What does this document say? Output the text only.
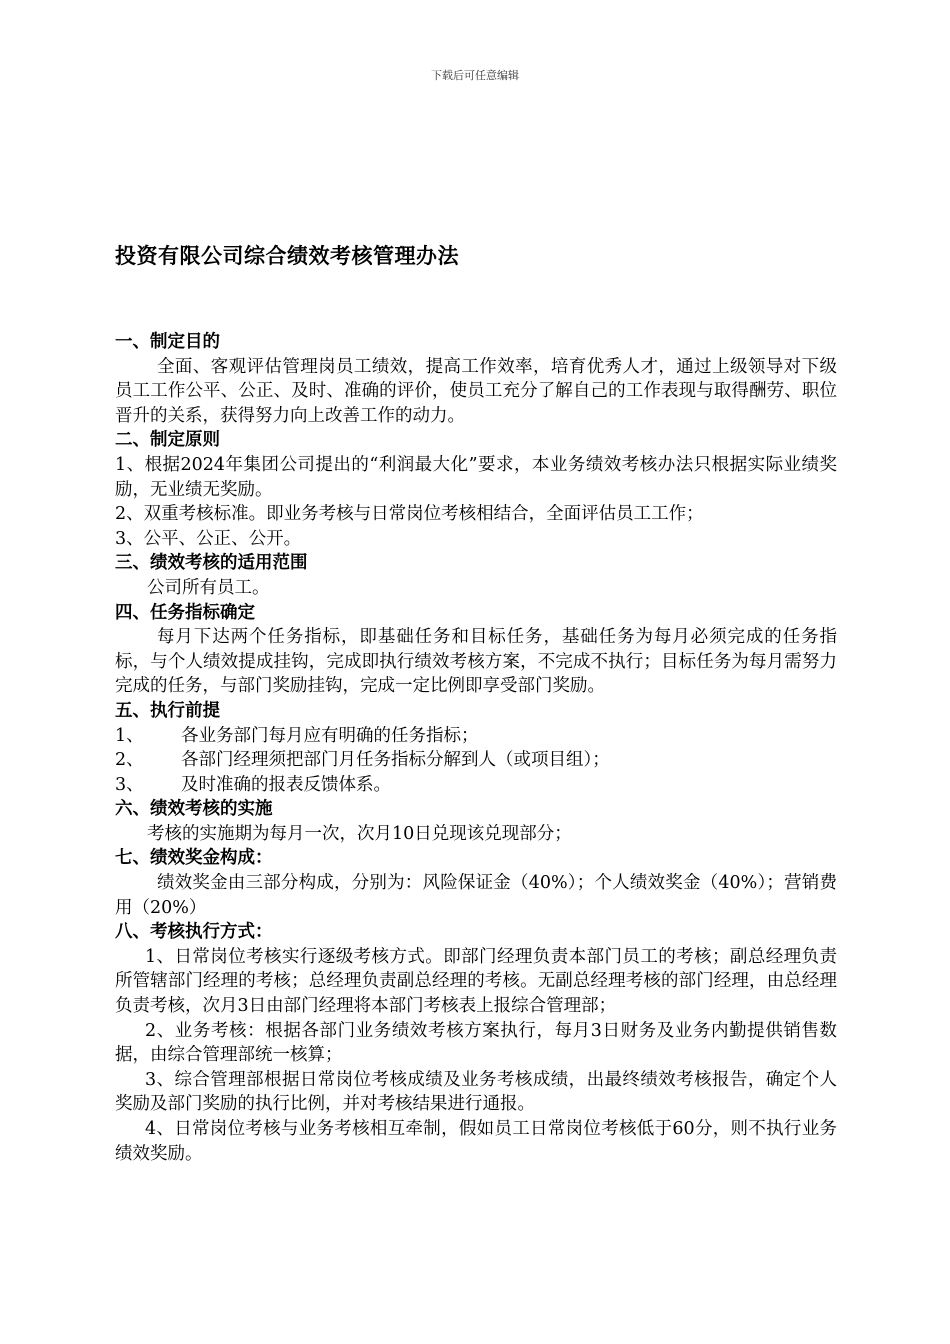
下载后可任意编辑
投资有限公司综合绩效考核管理办法
一、制定目的
全面、客观评估管理岗员工绩效，提高工作效率，培育优秀人才，通过上级领导对下级员工工作公平、公正、及时、准确的评价，使员工充分了解自己的工作表现与取得酬劳、职位晋升的关系，获得努力向上改善工作的动力。
二、制定原则
1、根据2024年集团公司提出的“利润最大化”要求，本业务绩效考核办法只根据实际业绩奖励，无业绩无奖励。
2、双重考核标准。即业务考核与日常岗位考核相结合，全面评估员工工作；
3、公平、公正、公开。
三、绩效考核的适用范围
公司所有员工。
四、任务指标确定
每月下达两个任务指标，即基础任务和目标任务，基础任务为每月必须完成的任务指标，与个人绩效提成挂钩，完成即执行绩效考核方案，不完成不执行；目标任务为每月需努力完成的任务，与部门奖励挂钩，完成一定比例即享受部门奖励。
五、执行前提
1、 各业务部门每月应有明确的任务指标；
2、 各部门经理须把部门月任务指标分解到人（或项目组）；
3、 及时准确的报表反馈体系。
六、绩效考核的实施
考核的实施期为每月一次，次月10日兑现该兑现部分；
七、绩效奖金构成：
绩效奖金由三部分构成，分别为：风险保证金（40%）；个人绩效奖金（40%）；营销费用（20%）
八、考核执行方式：
1、日常岗位考核实行逐级考核方式。即部门经理负责本部门员工的考核；副总经理负责所管辖部门经理的考核；总经理负责副总经理的考核。无副总经理考核的部门经理，由总经理负责考核，次月3日由部门经理将本部门考核表上报综合管理部；
2、业务考核：根据各部门业务绩效考核方案执行，每月3日财务及业务内勤提供销售数据，由综合管理部统一核算；
3、综合管理部根据日常岗位考核成绩及业务考核成绩，出最终绩效考核报告，确定个人奖励及部门奖励的执行比例，并对考核结果进行通报。
4、日常岗位考核与业务考核相互牵制，假如员工日常岗位考核低于60分，则不执行业务绩效奖励。
